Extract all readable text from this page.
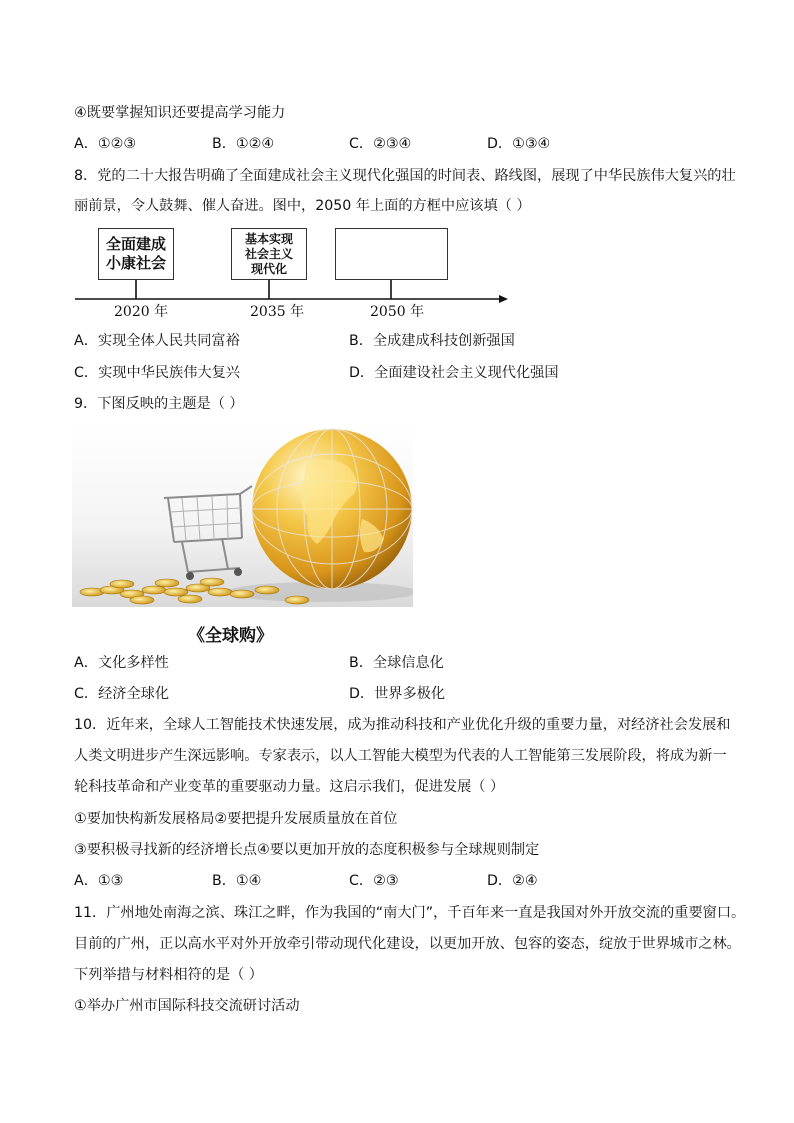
④既要掌握知识还要提高学习能力
A．①②③	B．①②④	C．②③④	D．①③④
8．党的二十大报告明确了全面建成社会主义现代化强国的时间表、路线图，展现了中华民族伟大复兴的壮
丽前景，令人鼓舞、催人奋进。图中，2050 年上面的方框中应该填（ ）
全面建成
小康社会
基本实现
社会主义
现代化
2020 年	2035 年	2050 年
A．实现全体人民共同富裕	B．全成建成科技创新强国
C．实现中华民族伟大复兴	D．全面建设社会主义现代化强国
9．下图反映的主题是（ ）
《全球购》
A．文化多样性	B．全球信息化
C．经济全球化	D．世界多极化
10．近年来，全球人工智能技术快速发展，成为推动科技和产业优化升级的重要力量，对经济社会发展和
人类文明进步产生深远影响。专家表示，以人工智能大模型为代表的人工智能第三发展阶段，将成为新一
轮科技革命和产业变革的重要驱动力量。这启示我们，促进发展（ ）
①要加快构新发展格局②要把提升发展质量放在首位
③要积极寻找新的经济增长点④要以更加开放的态度积极参与全球规则制定
A．①③	B．①④	C．②③	D．②④
11．广州地处南海之滨、珠江之畔，作为我国的“南大门”，千百年来一直是我国对外开放交流的重要窗口。
目前的广州，正以高水平对外开放牵引带动现代化建设，以更加开放、包容的姿态，绽放于世界城市之林。
下列举措与材料相符的是（ ）
①举办广州市国际科技交流研讨活动
